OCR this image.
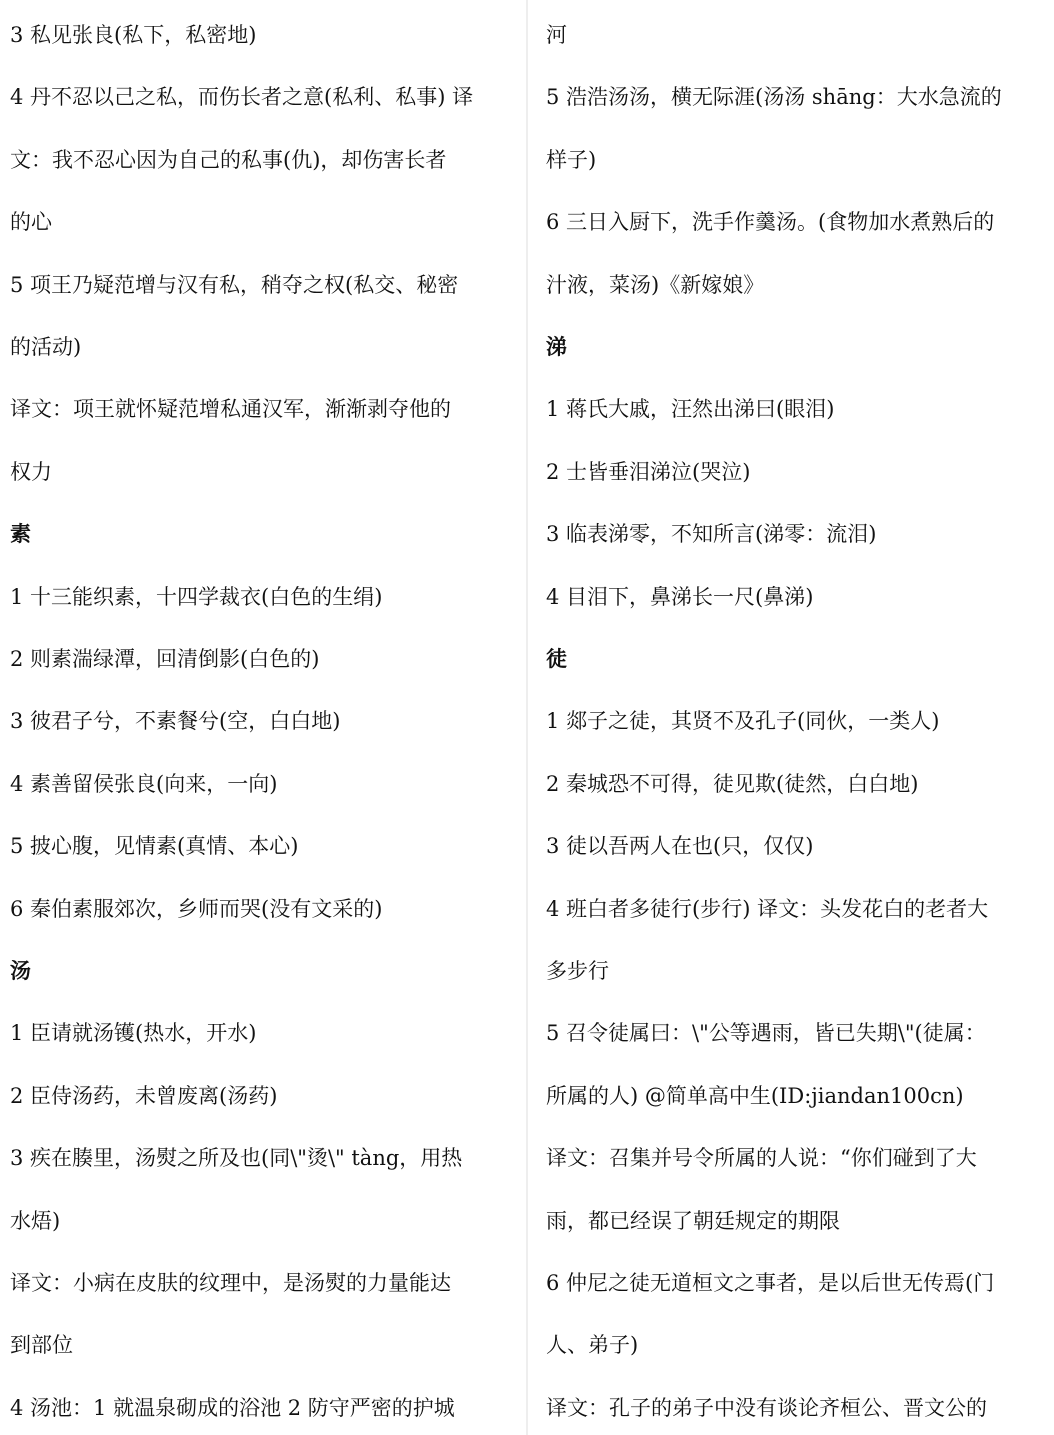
3 私见张良(私下，私密地)
4 丹不忍以己之私，而伤长者之意(私利、私事) 译
文：我不忍心因为自己的私事(仇)，却伤害长者
的心
5 项王乃疑范增与汉有私，稍夺之权(私交、秘密
的活动)
译文：项王就怀疑范增私通汉军，渐渐剥夺他的
权力
素
1 十三能织素，十四学裁衣(白色的生绢)
2 则素湍绿潭，回清倒影(白色的)
3 彼君子兮，不素餐兮(空，白白地)
4 素善留侯张良(向来，一向)
5 披心腹，见情素(真情、本心)
6 秦伯素服郊次，乡师而哭(没有文采的)
汤
1 臣请就汤镬(热水，开水)
2 臣侍汤药，未曾废离(汤药)
3 疾在腠里，汤熨之所及也(同\"烫\" tàng，用热
水焐)
译文：小病在皮肤的纹理中，是汤熨的力量能达
到部位
4 汤池：1 就温泉砌成的浴池 2 防守严密的护城
河
5 浩浩汤汤，横无际涯(汤汤 shāng：大水急流的
样子)
6 三日入厨下，洗手作羹汤。(食物加水煮熟后的
汁液，菜汤)《新嫁娘》
涕
1 蒋氏大戚，汪然出涕曰(眼泪)
2 士皆垂泪涕泣(哭泣)
3 临表涕零，不知所言(涕零：流泪)
4 目泪下，鼻涕长一尺(鼻涕)
徒
1 郯子之徒，其贤不及孔子(同伙，一类人)
2 秦城恐不可得，徒见欺(徒然，白白地)
3 徒以吾两人在也(只，仅仅)
4 班白者多徒行(步行) 译文：头发花白的老者大
多步行
5 召令徒属曰：\"公等遇雨，皆已失期\"(徒属：
所属的人) @简单高中生(ID:jiandan100cn)
译文：召集并号令所属的人说：“你们碰到了大
雨，都已经误了朝廷规定的期限
6 仲尼之徒无道桓文之事者，是以后世无传焉(门
人、弟子)
译文：孔子的弟子中没有谈论齐桓公、晋文公的
